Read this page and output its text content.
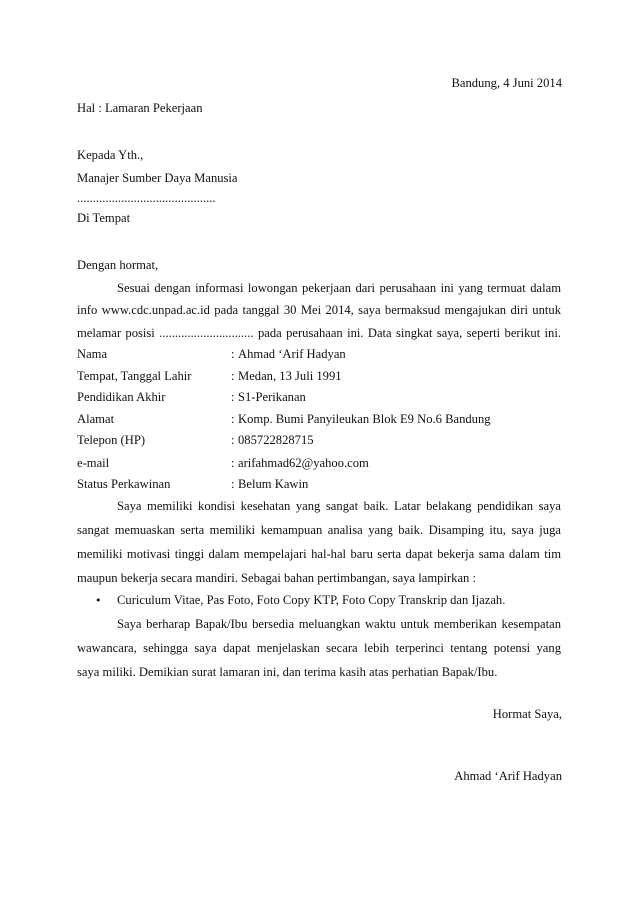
Bandung, 4 Juni 2014
Hal : Lamaran Pekerjaan
Kepada Yth.,
Manajer Sumber Daya Manusia
............................................
Di Tempat
Dengan hormat,
Sesuai dengan informasi lowongan pekerjaan dari perusahaan ini yang termuat dalam
info www.cdc.unpad.ac.id pada tanggal 30 Mei 2014, saya bermaksud mengajukan diri untuk
melamar posisi .............................. pada perusahaan ini. Data singkat saya, seperti berikut ini.
Nama	: Ahmad ‘Arif Hadyan
Tempat, Tanggal Lahir	: Medan, 13 Juli 1991
Pendidikan Akhir	: S1-Perikanan
Alamat	: Komp. Bumi Panyileukan Blok E9 No.6 Bandung
Telepon (HP)	: 085722828715
e-mail	: arifahmad62@yahoo.com
Status Perkawinan	: Belum Kawin
Saya memiliki kondisi kesehatan yang sangat baik. Latar belakang pendidikan saya
sangat memuaskan serta memiliki kemampuan analisa yang baik. Disamping itu, saya juga
memiliki motivasi tinggi dalam mempelajari hal-hal baru serta dapat bekerja sama dalam tim
maupun bekerja secara mandiri. Sebagai bahan pertimbangan, saya lampirkan :
• Curiculum Vitae, Pas Foto, Foto Copy KTP, Foto Copy Transkrip dan Ijazah.
Saya berharap Bapak/Ibu bersedia meluangkan waktu untuk memberikan kesempatan
wawancara, sehingga saya dapat menjelaskan secara lebih terperinci tentang potensi yang
saya miliki. Demikian surat lamaran ini, dan terima kasih atas perhatian Bapak/Ibu.
Hormat Saya,
Ahmad ‘Arif Hadyan
